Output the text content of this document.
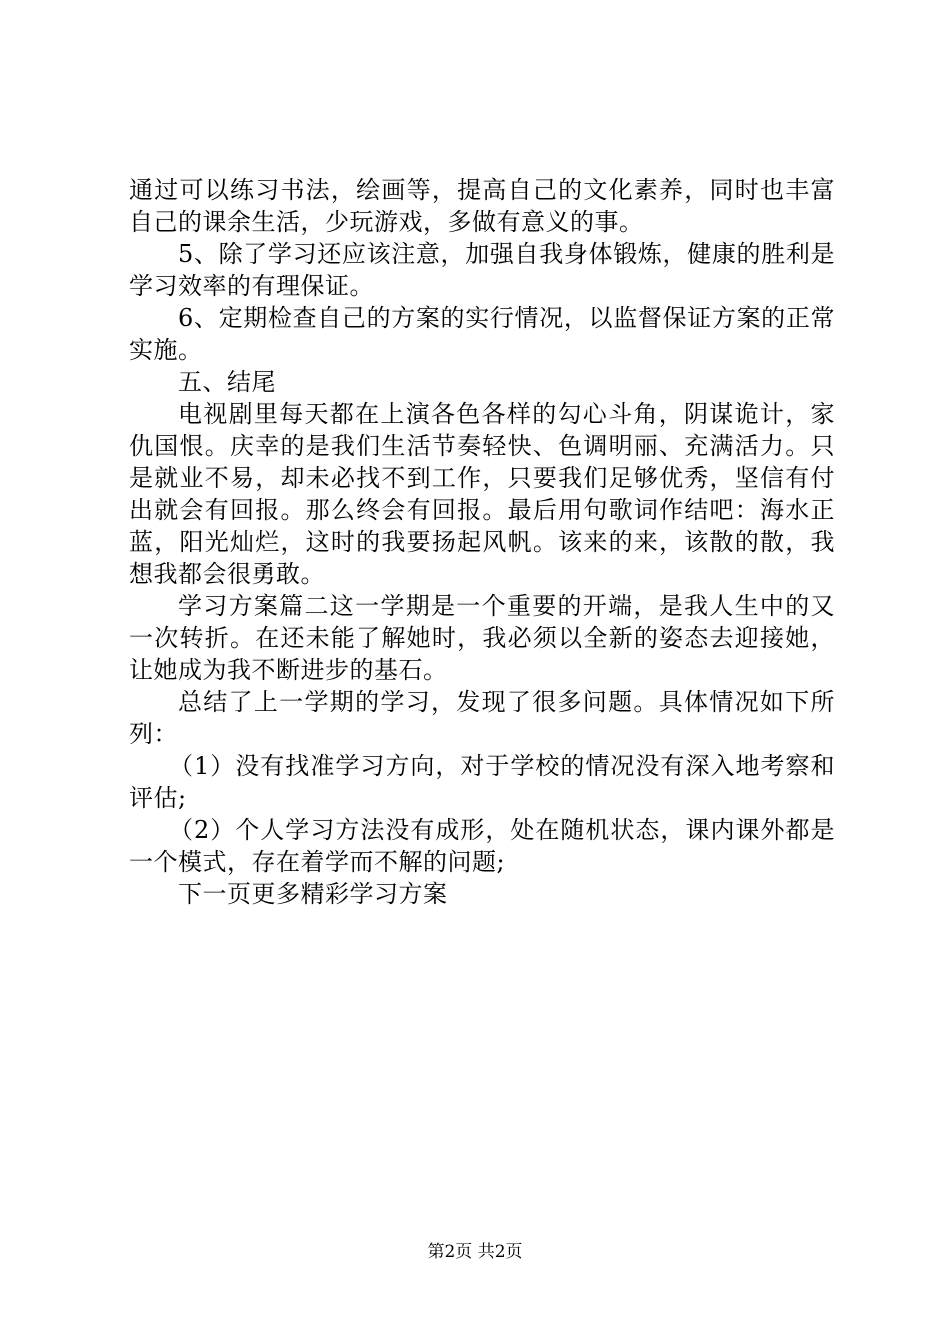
通过可以练习书法，绘画等，提高自己的文化素养，同时也丰富自己的课余生活，少玩游戏，多做有意义的事。

5、除了学习还应该注意，加强自我身体锻炼，健康的胜利是学习效率的有理保证。

6、定期检查自己的方案的实行情况，以监督保证方案的正常实施。

五、结尾

电视剧里每天都在上演各色各样的勾心斗角，阴谋诡计，家仇国恨。庆幸的是我们生活节奏轻快、色调明丽、充满活力。只是就业不易，却未必找不到工作，只要我们足够优秀，坚信有付出就会有回报。那么终会有回报。最后用句歌词作结吧：海水正蓝，阳光灿烂，这时的我要扬起风帆。该来的来，该散的散，我想我都会很勇敢。

学习方案篇二这一学期是一个重要的开端，是我人生中的又一次转折。在还未能了解她时，我必须以全新的姿态去迎接她，让她成为我不断进步的基石。

总结了上一学期的学习，发现了很多问题。具体情况如下所列：

（1）没有找准学习方向，对于学校的情况没有深入地考察和评估;

（2）个人学习方法没有成形，处在随机状态，课内课外都是一个模式，存在着学而不解的问题;

下一页更多精彩学习方案

第2页 共2页
